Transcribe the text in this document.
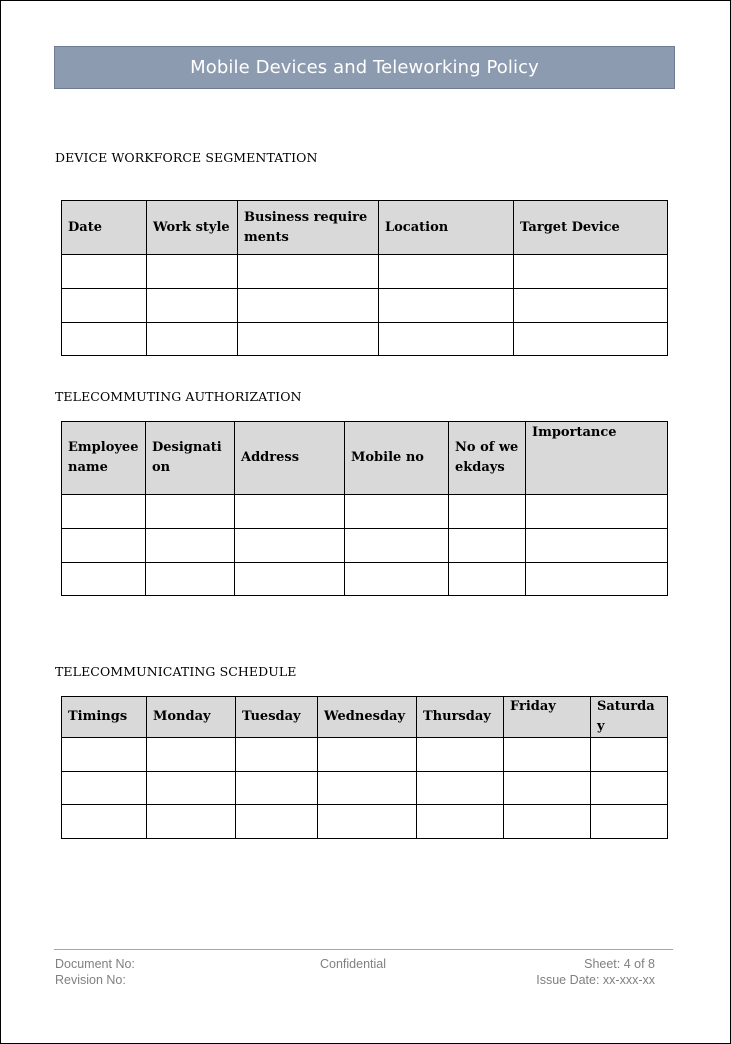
Mobile Devices and Teleworking Policy
DEVICE WORKFORCE SEGMENTATION
Date	Work style	Business requirements	Location	Target Device

TELECOMMUTING AUTHORIZATION
Employee name	Designation	Address	Mobile no	No of weekdays	Importance

TELECOMMUNICATING SCHEDULE
Timings	Monday	Tuesday	Wednesday	Thursday	Friday	Saturday

Document No:
Revision No:
Confidential	Sheet: 4 of 8
Issue Date: xx-xxx-xx
